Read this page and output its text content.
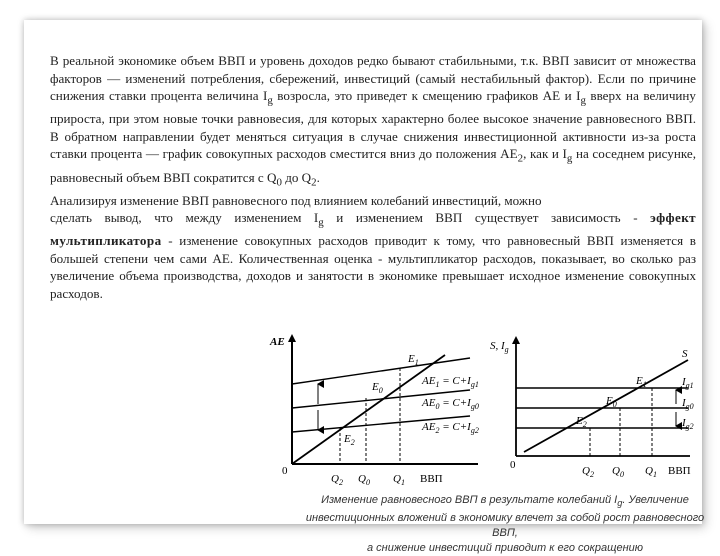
В реальной экономике объем ВВП и уровень доходов редко бывают стабильными, т.к. ВВП зависит от множества факторов — изменений потребления, сбережений, инвестиций (самый нестабильный фактор). Если по причине снижения ставки процента величина $I_g$ возросла, это приведет к смещению графиков AE и $I_g$ вверх на величину прироста, при этом новые точки равновесия, для которых характерно более высокое значение равновесного ВВП. В обратном направлении будет меняться ситуация в случае снижения инвестиционной активности из-за роста ставки процента — график совокупных расходов сместится вниз до положения $AE_2$, как и $I_g$ на соседнем рисунке, равновесный объем ВВП сократится с $Q_0$ до $Q_2$.

Анализируя изменение ВВП равновесного под влиянием колебаний инвестиций, можно

сделать вывод, что между изменением $I_g$ и изменением ВВП существует зависимость - эффект мультипликатора - изменение совокупных расходов приводит к тому, что равновесный ВВП изменяется в большей степени чем сами AE. Количественная оценка - мультипликатор расходов, показывает, во сколько раз увеличение объема производства, доходов и занятости в экономике превышает исходное изменение совокупных расходов.

AE
0
ВВП
$E_1$
$E_0$
$E_2$
$AE_1 = C+I_{g1}$
$AE_0 = C+I_{g0}$
$AE_2 = C+I_{g2}$
$Q_2$ $Q_0$ $Q_1$
S, $I_g$
0	ВВП
S
$E_1$
$E_0$
$E_2$
$I_{g1}$
$I_{g0}$
$I_{g2}$
$Q_2$ $Q_0$ $Q_1$
Изменение равновесного ВВП в результате колебаний $I_g$. Увеличение
инвестиционных вложений в экономику влечет за собой рост равновесного ВВП,
а снижение инвестиций приводит к его сокращению
